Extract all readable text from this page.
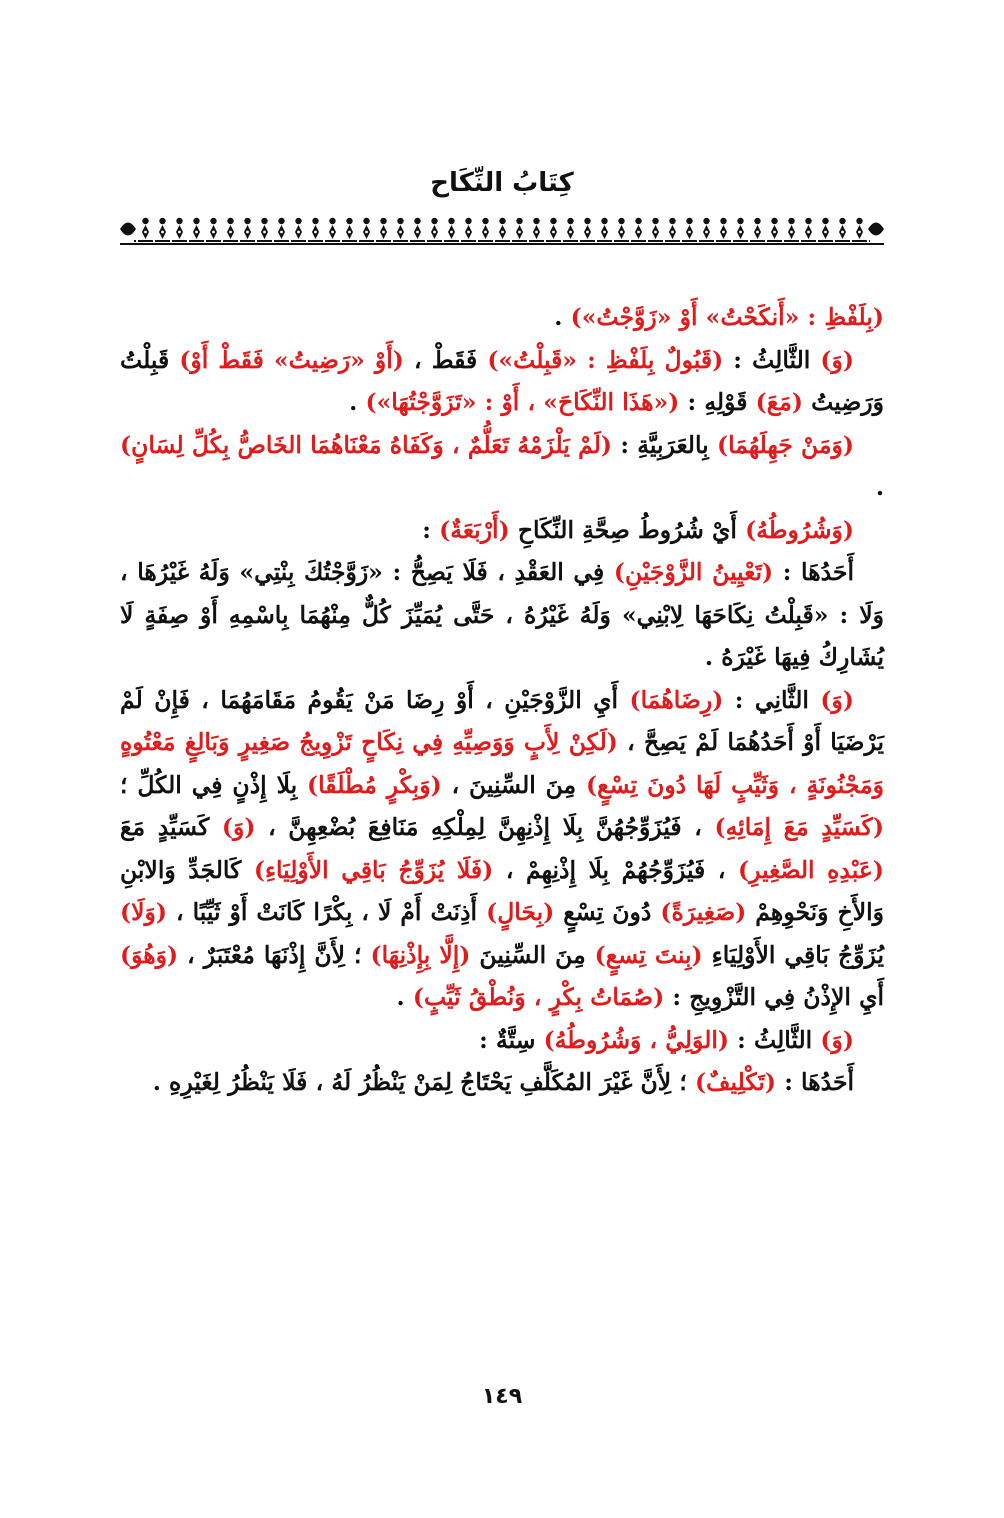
كِتَابُ النِّكَاح

(بِلَفْظِ : «أَنكَحْتُ» أَوْ «زَوَّجْتُ») .

(وَ) الثَّالِثُ : (قَبُولٌ بِلَفْظِ : «قَبِلْتُ») فَقَطْ ، (أَوْ «رَضِيتُ» فَقَطْ أَوْ) قَبِلْتُ وَرَضِيتُ (مَعَ) قَوْلِهِ : («هَذَا النِّكَاحَ» ، أَوْ : «تَزَوَّجْتُهَا») .

(وَمَنْ جَهِلَهُمَا) بِالعَرَبِيَّةِ : (لَمْ يَلْزَمْهُ تَعَلُّمٌ ، وَكَفَاهُ مَعْنَاهُمَا الخَاصُّ بِكُلِّ لِسَانٍ) .

(وَشُرُوطُهُ) أَيْ شُرُوطُ صِحَّةِ النِّكَاحِ (أَرْبَعَةٌ) :

أَحَدُهَا : (تَعْيِينُ الزَّوْجَيْنِ) فِي العَقْدِ ، فَلَا يَصِحُّ : «زَوَّجْتُكَ بِنْتِي» وَلَهُ غَيْرُهَا ، وَلَا : «قَبِلْتُ نِكَاحَهَا لِابْنِي» وَلَهُ غَيْرُهُ ، حَتَّى يُمَيِّزَ كُلٌّ مِنْهُمَا بِاسْمِهِ أَوْ صِفَةٍ لَا يُشَارِكُ فِيهَا غَيْرَهُ .

(وَ) الثَّانِي : (رِضَاهُمَا) أَيِ الزَّوْجَيْنِ ، أَوْ رِضَا مَنْ يَقُومُ مَقَامَهُمَا ، فَإِنْ لَمْ يَرْضَيَا أَوْ أَحَدُهُمَا لَمْ يَصِحَّ ، (لَكِنْ لِأَبٍ وَوَصِيِّهِ فِي نِكَاحٍ تَزْوِيجُ صَغِيرٍ وَبَالِغٍ مَعْتُوهٍ وَمَجْنُونَةٍ ، وَثَيِّبٍ لَهَا دُونَ تِسْعٍ) مِنَ السِّنِينَ ، (وَبِكْرٍ مُطْلَقًا) بِلَا إِذْنٍ فِي الكُلِّ ؛ (كَسَيِّدٍ مَعَ إِمَائِهِ) ، فَيُزَوِّجُهُنَّ بِلَا إِذْنِهِنَّ لِمِلْكِهِ مَنَافِعَ بُضْعِهِنَّ ، (وَ) كَسَيِّدٍ مَعَ (عَبْدِهِ الصَّغِيرِ) ، فَيُزَوِّجُهُمْ بِلَا إِذْنِهِمْ ، (فَلَا يُزَوِّجُ بَاقِي الأَوْلِيَاءِ) كَالجَدِّ وَالابْنِ وَالأَخِ وَنَحْوِهِمْ (صَغِيرَةً) دُونَ تِسْعٍ (بِحَالٍ) أَذِنَتْ أَمْ لَا ، بِكْرًا كَانَتْ أَوْ ثَيِّبًا ، (وَلَا) يُزَوِّجُ بَاقِي الأَوْلِيَاءِ (بِنتَ تِسعٍ) مِنَ السِّنِينَ (إِلَّا بِإِذْنِهَا) ؛ لِأَنَّ إِذْنَهَا مُعْتَبَرٌ ، (وَهُوَ) أَيِ الإِذْنُ فِي التَّزْوِيجِ : (صُمَاتُ بِكْرٍ ، وَنُطْقُ ثَيِّبٍ) .

(وَ) الثَّالِثُ : (الوَلِيُّ ، وَشُرُوطُهُ) سِتَّةٌ :

أَحَدُهَا : (تَكْلِيفٌ) ؛ لِأَنَّ غَيْرَ المُكَلَّفِ يَحْتَاجُ لِمَنْ يَنْظُرُ لَهُ ، فَلَا يَنْظُرُ لِغَيْرِهِ .

١٤٩
